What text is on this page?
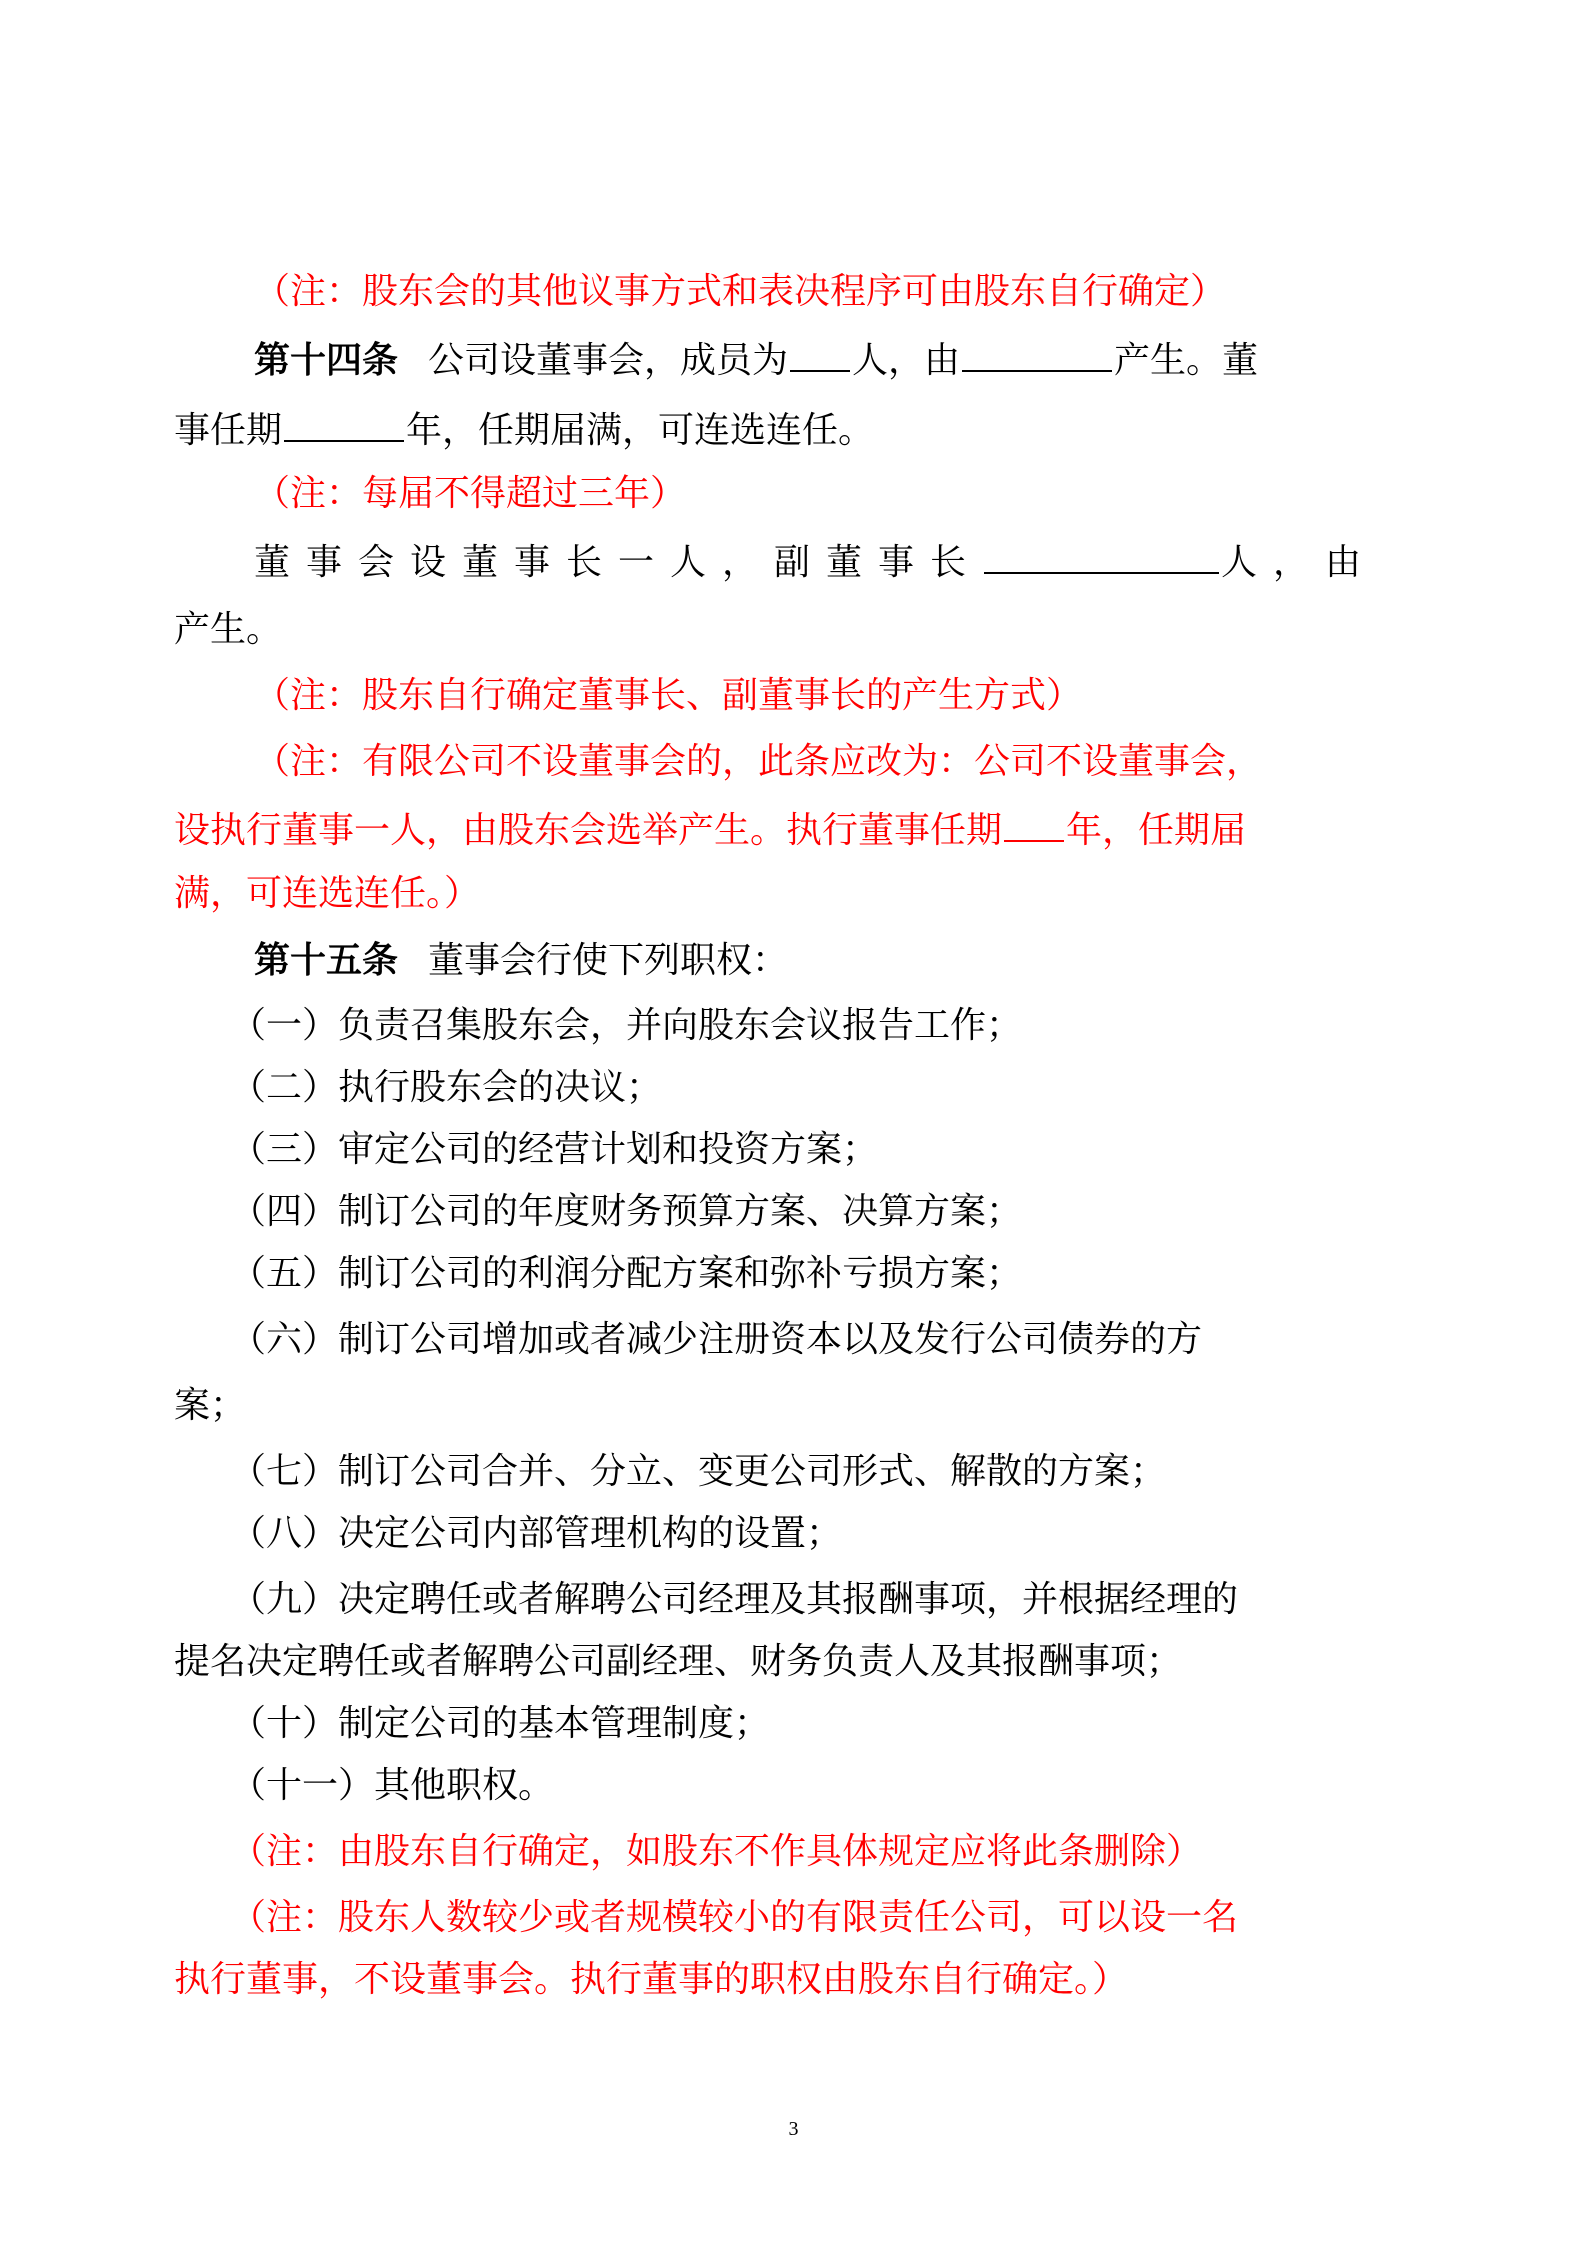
（注：股东会的其他议事方式和表决程序可由股东自行确定）
第十四条 公司设董事会，成员为 人，由	产生。董
事任期	年，任期届满，可连选连任。
（注：每届不得超过三年）
董事会设董事长一人，副董事长	人，由
产生。
（注：股东自行确定董事长、副董事长的产生方式）
（注：有限公司不设董事会的，此条应改为：公司不设董事会，
设执行董事一人，由股东会选举产生。执行董事任期 年，任期届
满，可连选连任。）
第十五条 董事会行使下列职权：
（一）负责召集股东会，并向股东会议报告工作；
（二）执行股东会的决议；
（三）审定公司的经营计划和投资方案；
（四）制订公司的年度财务预算方案、决算方案；
（五）制订公司的利润分配方案和弥补亏损方案；
（六）制订公司增加或者减少注册资本以及发行公司债券的方
案；
（七）制订公司合并、分立、变更公司形式、解散的方案；
（八）决定公司内部管理机构的设置；
（九）决定聘任或者解聘公司经理及其报酬事项，并根据经理的
提名决定聘任或者解聘公司副经理、财务负责人及其报酬事项；
（十）制定公司的基本管理制度；
（十一）其他职权。
（注：由股东自行确定，如股东不作具体规定应将此条删除）
（注：股东人数较少或者规模较小的有限责任公司，可以设一名
执行董事，不设董事会。执行董事的职权由股东自行确定。）
3
